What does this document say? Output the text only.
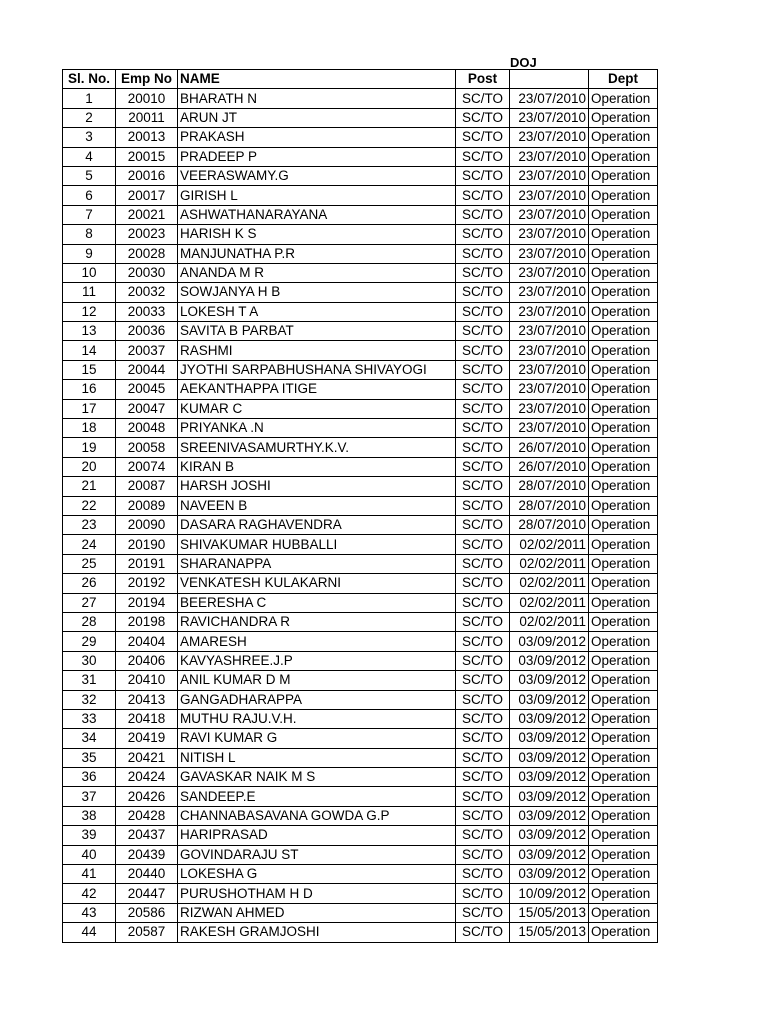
DOJ
Sl. No.	Emp No	NAME	Post		Dept
1	20010	BHARATH N	SC/TO	23/07/2010	Operation
2	20011	ARUN JT	SC/TO	23/07/2010	Operation
3	20013	PRAKASH	SC/TO	23/07/2010	Operation
4	20015	PRADEEP P	SC/TO	23/07/2010	Operation
5	20016	VEERASWAMY.G	SC/TO	23/07/2010	Operation
6	20017	GIRISH L	SC/TO	23/07/2010	Operation
7	20021	ASHWATHANARAYANA	SC/TO	23/07/2010	Operation
8	20023	HARISH K S	SC/TO	23/07/2010	Operation
9	20028	MANJUNATHA P.R	SC/TO	23/07/2010	Operation
10	20030	ANANDA M R	SC/TO	23/07/2010	Operation
11	20032	SOWJANYA H B	SC/TO	23/07/2010	Operation
12	20033	LOKESH T A	SC/TO	23/07/2010	Operation
13	20036	SAVITA B PARBAT	SC/TO	23/07/2010	Operation
14	20037	RASHMI	SC/TO	23/07/2010	Operation
15	20044	JYOTHI SARPABHUSHANA SHIVAYOGI	SC/TO	23/07/2010	Operation
16	20045	AEKANTHAPPA ITIGE	SC/TO	23/07/2010	Operation
17	20047	KUMAR C	SC/TO	23/07/2010	Operation
18	20048	PRIYANKA .N	SC/TO	23/07/2010	Operation
19	20058	SREENIVASAMURTHY.K.V.	SC/TO	26/07/2010	Operation
20	20074	KIRAN B	SC/TO	26/07/2010	Operation
21	20087	HARSH JOSHI	SC/TO	28/07/2010	Operation
22	20089	NAVEEN B	SC/TO	28/07/2010	Operation
23	20090	DASARA RAGHAVENDRA	SC/TO	28/07/2010	Operation
24	20190	SHIVAKUMAR HUBBALLI	SC/TO	02/02/2011	Operation
25	20191	SHARANAPPA	SC/TO	02/02/2011	Operation
26	20192	VENKATESH KULAKARNI	SC/TO	02/02/2011	Operation
27	20194	BEERESHA C	SC/TO	02/02/2011	Operation
28	20198	RAVICHANDRA R	SC/TO	02/02/2011	Operation
29	20404	AMARESH	SC/TO	03/09/2012	Operation
30	20406	KAVYASHREE.J.P	SC/TO	03/09/2012	Operation
31	20410	ANIL KUMAR D M	SC/TO	03/09/2012	Operation
32	20413	GANGADHARAPPA	SC/TO	03/09/2012	Operation
33	20418	MUTHU RAJU.V.H.	SC/TO	03/09/2012	Operation
34	20419	RAVI KUMAR G	SC/TO	03/09/2012	Operation
35	20421	NITISH L	SC/TO	03/09/2012	Operation
36	20424	GAVASKAR NAIK M S	SC/TO	03/09/2012	Operation
37	20426	SANDEEP.E	SC/TO	03/09/2012	Operation
38	20428	CHANNABASAVANA GOWDA G.P	SC/TO	03/09/2012	Operation
39	20437	HARIPRASAD	SC/TO	03/09/2012	Operation
40	20439	GOVINDARAJU ST	SC/TO	03/09/2012	Operation
41	20440	LOKESHA G	SC/TO	03/09/2012	Operation
42	20447	PURUSHOTHAM H D	SC/TO	10/09/2012	Operation
43	20586	RIZWAN AHMED	SC/TO	15/05/2013	Operation
44	20587	RAKESH GRAMJOSHI	SC/TO	15/05/2013	Operation
